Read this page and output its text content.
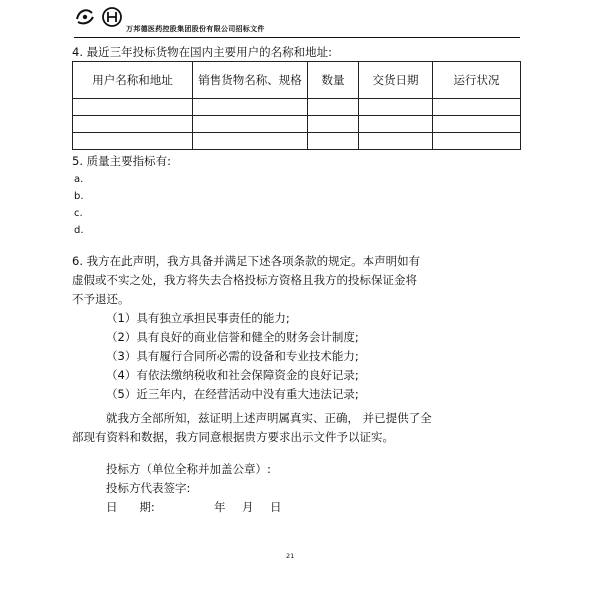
万邦德医药控股集团股份有限公司招标文件
4. 最近三年投标货物在国内主要用户的名称和地址:
用户名称和地址	销售货物名称、规格	数量	交货日期	运行状况

5. 质量主要指标有:
a.
b.
c.
d.
6. 我方在此声明，我方具备并满足下述各项条款的规定。本声明如有
虚假或不实之处，我方将失去合格投标方资格且我方的投标保证金将
不予退还。
（1）具有独立承担民事责任的能力;
（2）具有良好的商业信誉和健全的财务会计制度;
（3）具有履行合同所必需的设备和专业技术能力;
（4）有依法缴纳税收和社会保障资金的良好记录;
（5）近三年内，在经营活动中没有重大违法记录;
就我方全部所知，兹证明上述声明属真实、正确， 并已提供了全
部现有资料和数据，我方同意根据贵方要求出示文件予以证实。
投标方（单位全称并加盖公章）:
投标方代表签字:
日      期:	年 月 日
21
